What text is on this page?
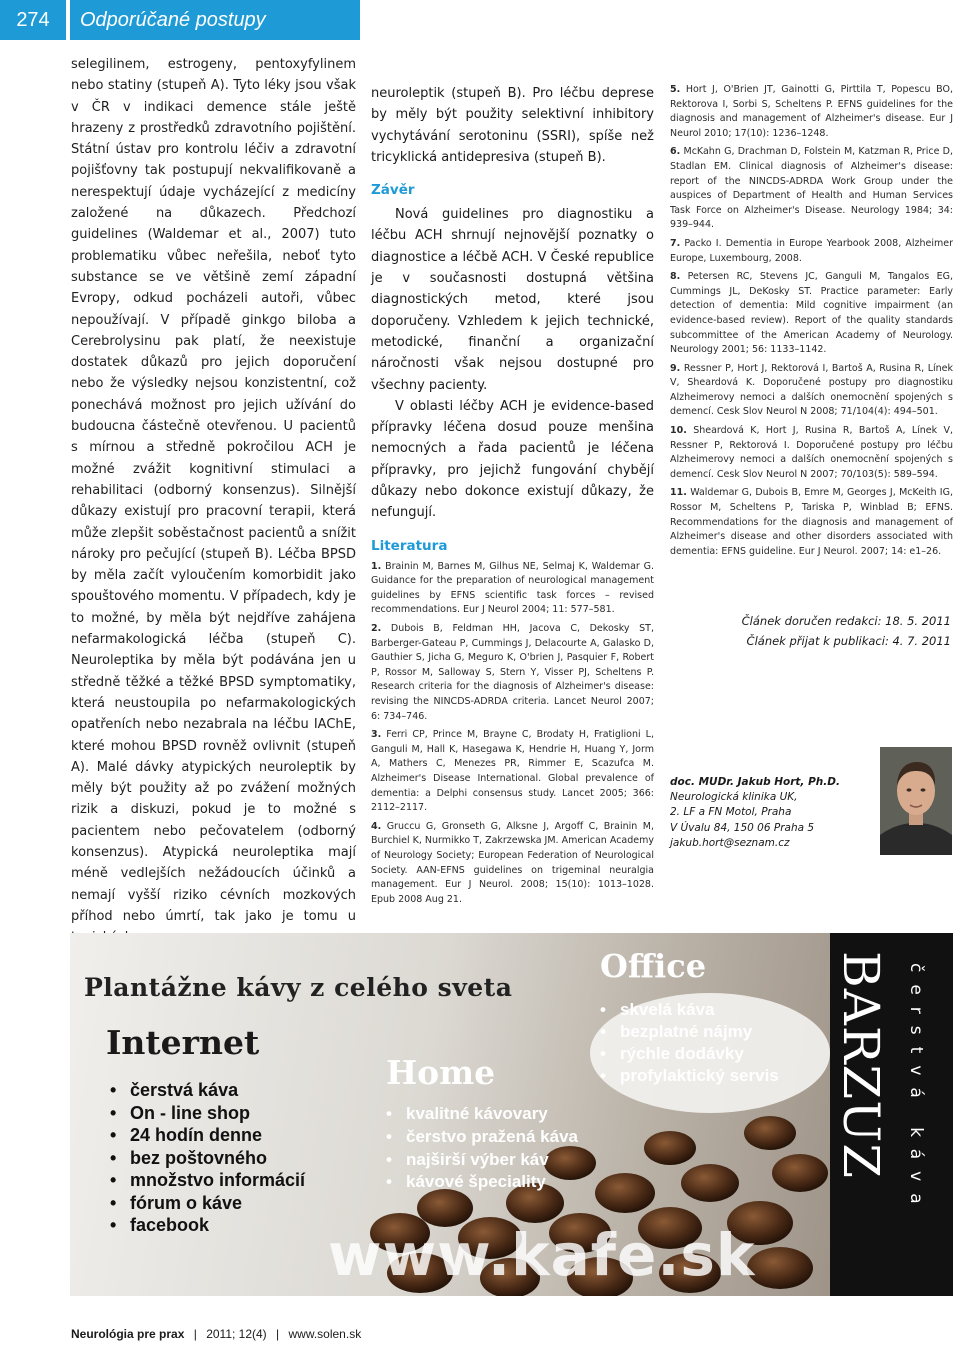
274	Odporúčané postupy

selegilinem, estrogeny, pentoxyfylinem nebo statiny (stupeň A). Tyto léky jsou však v ČR v indikaci demence stále ještě hrazeny z prostředků zdravotního pojištění. Státní ústav pro kontrolu léčiv a zdravotní pojišťovny tak postupují nekvalifikovaně a nerespektují údaje vycházející z medicíny založené na důkazech. Předchozí guidelines (Waldemar et al., 2007) tuto problematiku vůbec neřešila, neboť tyto substance se ve většině zemí západní Evropy, odkud pocházeli autoři, vůbec nepoužívají. V případě ginkgo biloba a Cerebrolysinu pak platí, že neexistuje dostatek důkazů pro jejich doporučení nebo že výsledky nejsou konzistentní, což ponechává možnost pro jejich užívání do budoucna částečně otevřenou. U pacientů s mírnou a středně pokročilou ACH je možné zvážit kognitivní stimulaci a rehabilitaci (odborný konsenzus). Silnější důkazy existují pro pracovní terapii, která může zlepšit soběstačnost pacientů a snížit nároky pro pečující (stupeň B). Léčba BPSD by měla začít vyloučením komorbidit jako spouštového momentu. V případech, kdy je to možné, by měla být nejdříve zahájena nefarmakologická léčba (stupeň C). Neuroleptika by měla být podávána jen u středně těžké a těžké BPSD symptomatiky, která neustoupila po nefarmakologických opatřeních nebo nezabrala na léčbu IAChE, které mohou BPSD rovněž ovlivnit (stupeň A). Malé dávky atypických neuroleptik by měly být použity až po zvážení možných rizik a diskuzi, pokud je to možné s pacientem nebo pečovatelem (odborný konsenzus). Atypická neuroleptika mají méně vedlejších nežádoucích účinků a nemají vyšší riziko cévních mozkových příhod nebo úmrtí, tak jako je tomu u

neuroleptik (stupeň B). Pro léčbu deprese by měly být použity selektivní inhibitory vychytávání serotoninu (SSRI), spíše než tricyklická antidepresiva (stupeň B).

Závěr

Nová guidelines pro diagnostiku a léčbu ACH shrnují nejnovější poznatky o diagnostice a léčbě ACH. V České republice je v současnosti dostupná většina diagnostických metod, které jsou doporučeny. Vzhledem k jejich technické, metodické, finanční a organizační náročnosti však nejsou dostupné pro všechny pacienty.

V oblasti léčby ACH je evidence-based přípravky léčena dosud pouze menšina nemocných a řada pacientů je léčena přípravky, pro jejichž fungování chybějí důkazy nebo dokonce existují důkazy, že nefungují.

Literatura
1. Brainin M, Barnes M, Gilhus NE, Selmaj K, Waldemar G. Guidance for the preparation of neurological management guidelines by EFNS scientific task forces – revised recommendations. Eur J Neurol 2004; 11: 577–581.
2. Dubois B, Feldman HH, Jacova C, Dekosky ST, Barberger-Gateau P, Cummings J, Delacourte A, Galasko D, Gauthier S, Jicha G, Meguro K, O'brien J, Pasquier F, Robert P, Rossor M, Salloway S, Stern Y, Visser PJ, Scheltens P. Research criteria for the diagnosis of Alzheimer's disease: revising the NINCDS-ADRDA criteria. Lancet Neurol 2007; 6: 734–746.
3. Ferri CP, Prince M, Brayne C, Brodaty H, Fratiglioni L, Ganguli M, Hall K, Hasegawa K, Hendrie H, Huang Y, Jorm A, Mathers C, Menezes PR, Rimmer E, Scazufca M. Alzheimer's Disease International. Global prevalence of dementia: a Delphi consensus study. Lancet 2005; 366: 2112–2117.
4. Gruccu G, Gronseth G, Alksne J, Argoff C, Brainin M, Burchiel K, Nurmikko T, Zakrzewska JM. American Academy of Neurology Society; European Federation of Neurological Society. AAN-EFNS guidelines on trigeminal neuralgia management. Eur J Neurol. 2008; 15(10): 1013–1028. Epub 2008 Aug 21.
5. Hort J, O'Brien JT, Gainotti G, Pirttila T, Popescu BO, Rektorova I, Sorbi S, Scheltens P. EFNS guidelines for the diagnosis and management of Alzheimer's disease. Eur J Neurol 2010; 17(10): 1236–1248.
6. McKahn G, Drachman D, Folstein M, Katzman R, Price D, Stadlan EM. Clinical diagnosis of Alzheimer's disease: report of the NINCDS-ADRDA Work Group under the auspices of Department of Health and Human Services Task Force on Alzheimer's Disease. Neurology 1984; 34: 939–944.
7. Packo I. Dementia in Europe Yearbook 2008, Alzheimer Europe, Luxembourg, 2008.
8. Petersen RC, Stevens JC, Ganguli M, Tangalos EG, Cummings JL, DeKosky ST. Practice parameter: Early detection of dementia: Mild cognitive impairment (an evidence-based review). Report of the quality standards subcommittee of the American Academy of Neurology. Neurology 2001; 56: 1133–1142.
9. Ressner P, Hort J, Rektorová I, Bartoš A, Rusina R, Línek V, Sheardová K. Doporučené postupy pro diagnostiku Alzheimerovy nemoci a dalších onemocnění spojených s demencí. Cesk Slov Neurol N 2008; 71/104(4): 494–501.
10. Sheardová K, Hort J, Rusina R, Bartoš A, Línek V, Ressner P, Rektorová I. Doporučené postupy pro léčbu Alzheimerovy nemoci a dalších onemocnění spojených s demencí. Cesk Slov Neurol N 2007; 70/103(5): 589–594.
11. Waldemar G, Dubois B, Emre M, Georges J, McKeith IG, Rossor M, Scheltens P, Tariska P, Winblad B; EFNS. Recommendations for the diagnosis and management of Alzheimer's disease and other disorders associated with dementia: EFNS guideline. Eur J Neurol. 2007; 14: e1–26.
Článek doručen redakci: 18. 5. 2011
Článek přijat k publikaci: 4. 7. 2011
doc. MUDr. Jakub Hort, Ph.D.
Neurologická klinika UK,
2. LF a FN Motol, Praha
V Úvalu 84, 150 06 Praha 5
jakub.hort@seznam.cz
Plantážne kávy z celého sveta
Internet
• čerstvá káva
• On - line shop
• 24 hodín denne
• bez poštovného
• množstvo informácií
• fórum o káve
• facebook
Home
• kvalitné kávovary
• čerstvo pražená káva
• najširší výber káv
• kávové špeciality
Office
• skvelá káva
• bezplatné nájmy
• rýchle dodávky
• profylaktický servis
www.kafe.sk
BARZUZ čerstvá káva
Neurológia pre prax | 2011; 12(4) | www.solen.sk
